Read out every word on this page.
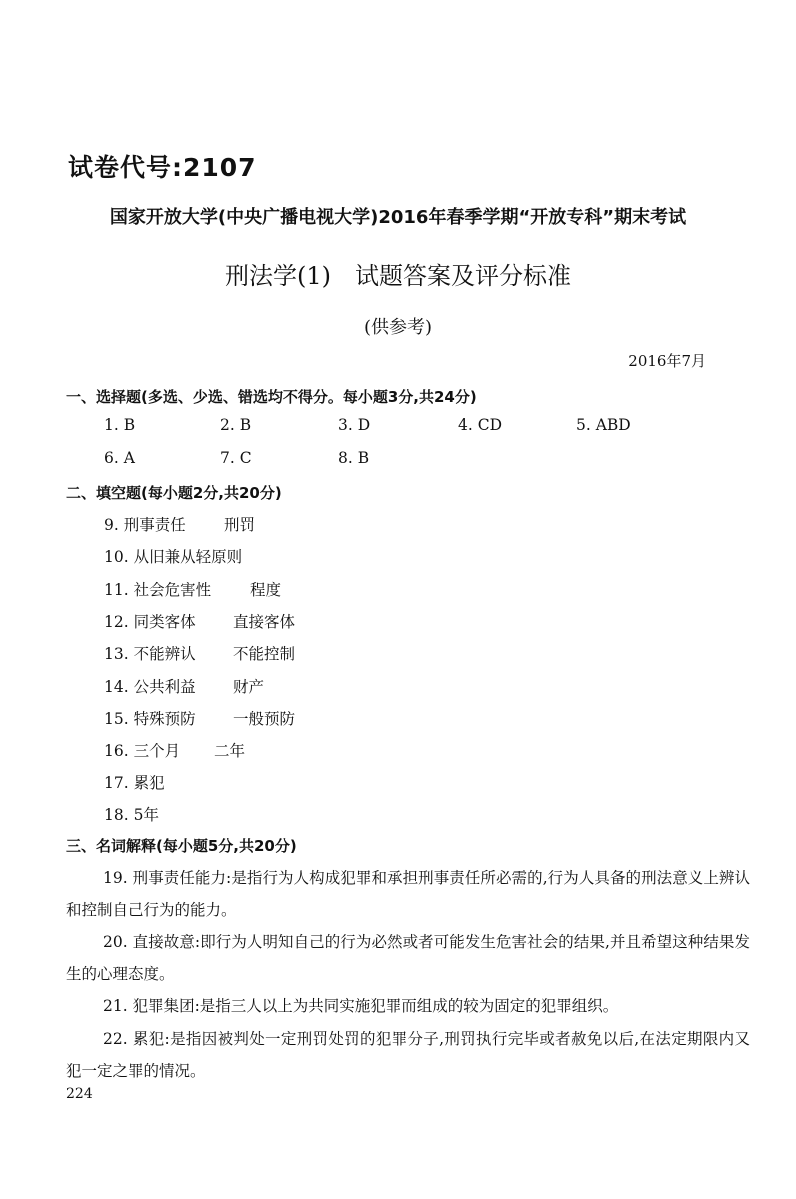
试卷代号:2107
国家开放大学(中央广播电视大学)2016年春季学期“开放专科”期末考试
刑法学(1)　试题答案及评分标准
(供参考)
2016年7月
一、选择题(多选、少选、错选均不得分。每小题3分,共24分)
1. B	2. B	3. D	4. CD	5. ABD
6. A	7. C	8. B
二、填空题(每小题2分,共20分)
9. 刑事责任 刑罚
10. 从旧兼从轻原则
11. 社会危害性	程度
12. 同类客体 直接客体
13. 不能辨认 不能控制
14. 公共利益 财产
15. 特殊预防 一般预防
16. 三个月 二年
17. 累犯
18. 5年
三、名词解释(每小题5分,共20分)
19. 刑事责任能力:是指行为人构成犯罪和承担刑事责任所必需的,行为人具备的刑法意义上辨认和控制自己行为的能力。
20. 直接故意:即行为人明知自己的行为必然或者可能发生危害社会的结果,并且希望这种结果发生的心理态度。
21. 犯罪集团:是指三人以上为共同实施犯罪而组成的较为固定的犯罪组织。
22. 累犯:是指因被判处一定刑罚处罚的犯罪分子,刑罚执行完毕或者赦免以后,在法定期限内又犯一定之罪的情况。
224
